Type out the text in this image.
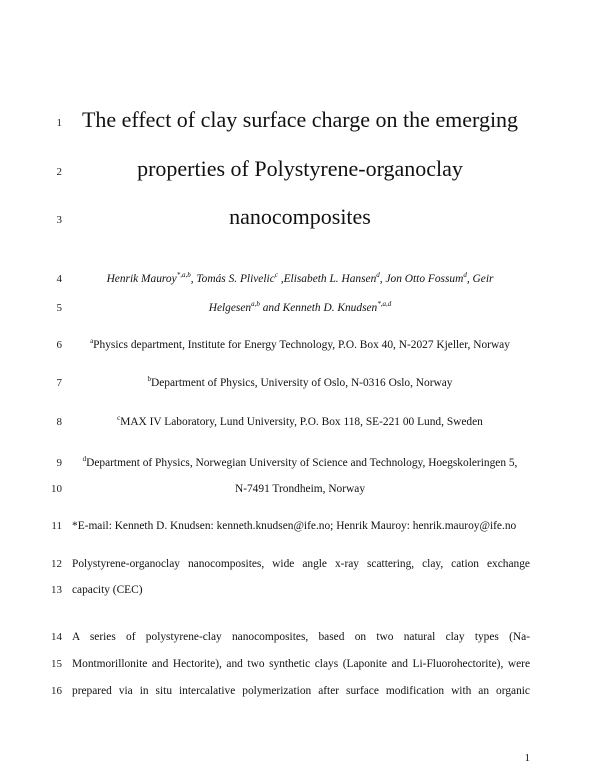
1
2
3
4
5
6
7
8
9
10
11
12
13
14
15
16
The effect of clay surface charge on the emerging
properties of Polystyrene-organoclay
nanocomposites
Henrik Mauroy$^{*,a,b}$, Tomás S. Plivelic$^c$ ,Elisabeth L. Hansen$^d$, Jon Otto Fossum$^d$, Geir
Helgesen$^{a,b}$ and Kenneth D. Knudsen$^{*,a,d}$
$^a$Physics department, Institute for Energy Technology, P.O. Box 40, N-2027 Kjeller, Norway
$^b$Department of Physics, University of Oslo, N-0316 Oslo, Norway
$^c$MAX IV Laboratory, Lund University, P.O. Box 118, SE-221 00 Lund, Sweden
$^d$Department of Physics, Norwegian University of Science and Technology, Hoegskoleringen 5,
N-7491 Trondheim, Norway
*E-mail: Kenneth D. Knudsen: kenneth.knudsen@ife.no; Henrik Mauroy: henrik.mauroy@ife.no
Polystyrene-organoclay nanocomposites, wide angle x-ray scattering, clay, cation exchange
capacity (CEC)
A series of polystyrene-clay nanocomposites, based on two natural clay types (Na-
Montmorillonite and Hectorite), and two synthetic clays (Laponite and Li-Fluorohectorite), were
prepared via in situ intercalative polymerization after surface modification with an organic
1
